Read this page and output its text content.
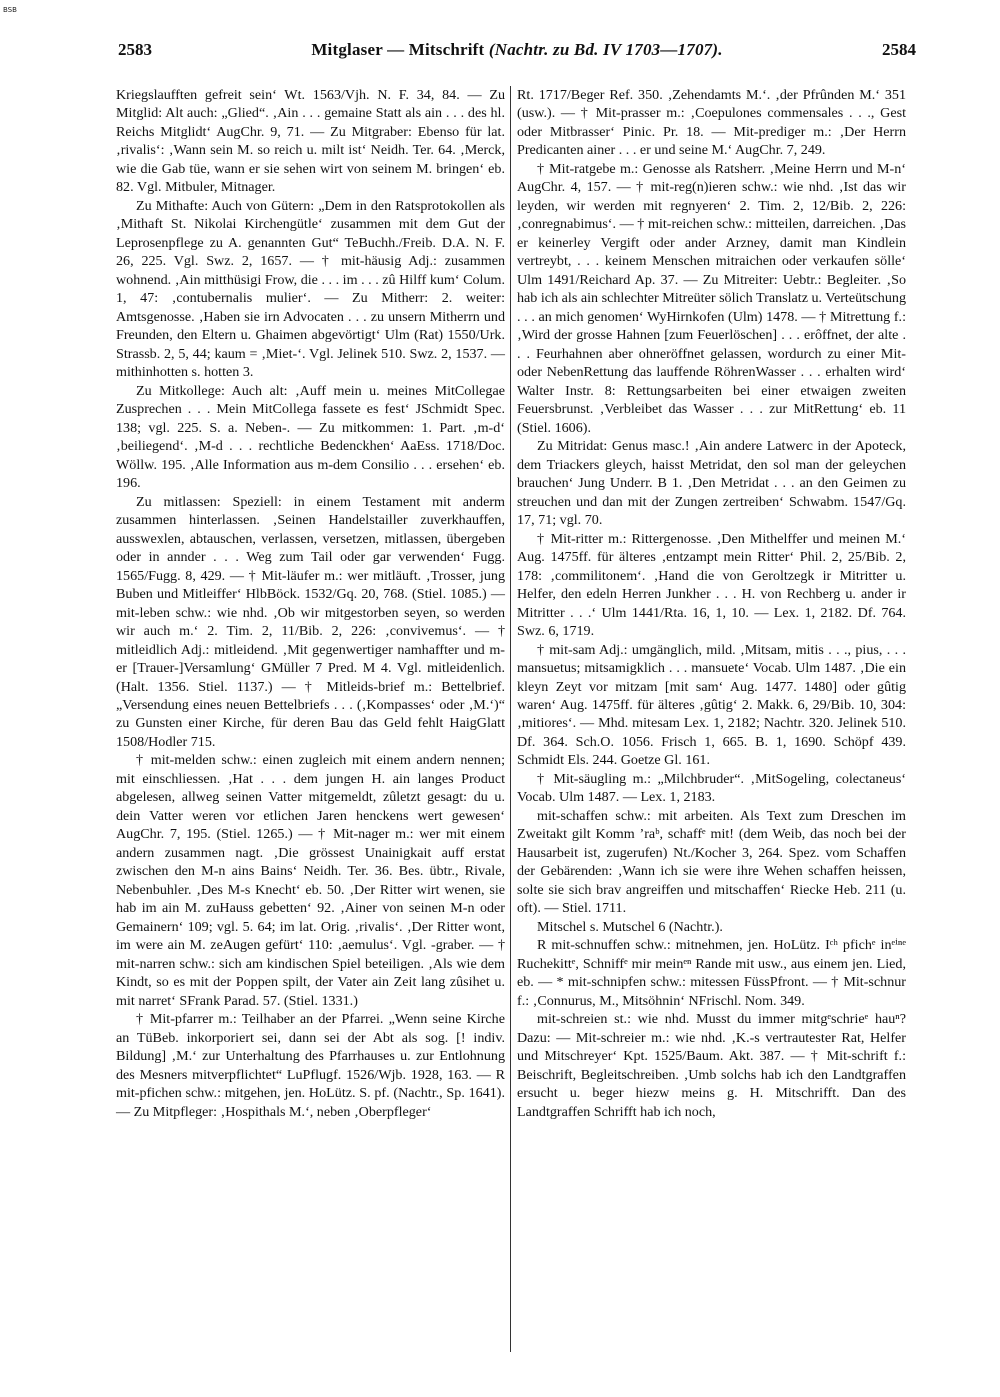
BSB
2583	Mitglaser — Mitschrift (Nachtr. zu Bd. IV 1703—1707).	2584

Kriegslaufften gefreit sein‘ Wt. 1563/Vjh. N. F. 34, 84. — Zu Mitglid: Alt auch: „Glied“. ‚Ain . . . gemaine Statt als ain . . . des hl. Reichs Mitglidt‘ AugChr. 9, 71. — Zu Mitgraber: Ebenso für lat. ‚rivalis‘: ‚Wann sein M. so reich u. milt ist‘ Neidh. Ter. 64. ‚Merck, wie die Gab tüe, wann er sie sehen wirt von seinem M. bringen‘ eb. 82. Vgl. Mitbuler, Mitnager.

Zu Mithafte: Auch von Gütern: „Dem in den Ratsprotokollen als ‚Mithaft St. Nikolai Kirchengütle‘ zusammen mit dem Gut der Leprosenpflege zu A. genannten Gut“ TeBuchh./Freib. D.A. N. F. 26, 225. Vgl. Swz. 2, 1657. — † mit-häusig Adj.: zusammen wohnend. ‚Ain mitthüsigi Frow, die . . . im . . . zû Hilff kum‘ Colum. 1, 47: ‚contubernalis mulier‘. — Zu Mitherr: 2. weiter: Amtsgenosse. ‚Haben sie irn Advocaten . . . zu unsern Mitherrn und Freunden, den Eltern u. Ghaimen abgevörtigt‘ Ulm (Rat) 1550/Urk. Strassb. 2, 5, 44; kaum = ‚Miet-‘. Vgl. Jelinek 510. Swz. 2, 1537. — mithinhotten s. hotten 3.

Zu Mitkollege: Auch alt: ‚Auff mein u. meines MitCollegae Zusprechen . . . Mein MitCollega fassete es fest‘ JSchmidt Spec. 138; vgl. 225. S. a. Neben-. — Zu mitkommen: 1. Part. ‚m-d‘ ‚beiliegend‘. ‚M-d . . . rechtliche Bedenckhen‘ AaEss. 1718/Doc. Wöllw. 195. ‚Alle Information aus m-dem Consilio . . . ersehen‘ eb. 196.

Zu mitlassen: Speziell: in einem Testament mit anderm zusammen hinterlassen. ‚Seinen Handelstailler zuverkhauffen, ausswexlen, abtauschen, verlassen, versetzen, mitlassen, übergeben oder in annder . . . Weg zum Tail oder gar verwenden‘ Fugg. 1565/Fugg. 8, 429. — † Mit-läufer m.: wer mitläuft. ‚Trosser, jung Buben und Mitleiffer‘ HlbBöck. 1532/Gq. 20, 768. (Stiel. 1085.) — mit-leben schw.: wie nhd. ‚Ob wir mitgestorben seyen, so werden wir auch m.‘ 2. Tim. 2, 11/Bib. 2, 226: ‚convivemus‘. — † mitleidlich Adj.: mitleidend. ‚Mit gegenwertiger namhaffter und m-er [Trauer-]Versamlung‘ GMüller 7 Pred. M 4. Vgl. mitleidenlich. (Halt. 1356. Stiel. 1137.) — † Mitleids-brief m.: Bettelbrief. „Versendung eines neuen Bettelbriefs . . . (‚Kompasses‘ oder ‚M.‘)“ zu Gunsten einer Kirche, für deren Bau das Geld fehlt HaigGlatt 1508/Hodler 715.

† mit-melden schw.: einen zugleich mit einem andern nennen; mit einschliessen. ‚Hat . . . dem jungen H. ain langes Product abgelesen, allweg seinen Vatter mitgemeldt, zûletzt gesagt: du u. dein Vatter weren vor etlichen Jaren henckens wert gewesen‘ AugChr. 7, 195. (Stiel. 1265.) — † Mit-nager m.: wer mit einem andern zusammen nagt. ‚Die grössest Unainigkait auff erstat zwischen den M-n ains Bains‘ Neidh. Ter. 36. Bes. übtr., Rivale, Nebenbuhler. ‚Des M-s Knecht‘ eb. 50. ‚Der Ritter wirt wenen, sie hab im ain M. zuHauss gebetten‘ 92. ‚Ainer von seinen M-n oder Gemainern‘ 109; vgl. 5. 64; im lat. Orig. ‚rivalis‘. ‚Der Ritter wont, im were ain M. zeAugen gefürt‘ 110: ‚aemulus‘. Vgl. -graber. — † mit-narren schw.: sich am kindischen Spiel beteiligen. ‚Als wie dem Kindt, so es mit der Poppen spilt, der Vater ain Zeit lang zûsihet u. mit narret‘ SFrank Parad. 57. (Stiel. 1331.)

† Mit-pfarrer m.: Teilhaber an der Pfarrei. „Wenn seine Kirche an TüBeb. inkorporiert sei, dann sei der Abt als sog. [! indiv. Bildung] ‚M.‘ zur Unterhaltung des Pfarrhauses u. zur Entlohnung des Mesners mitverpflichtet“ LuPflugf. 1526/Wjb. 1928, 163. — R mit-pfichen schw.: mitgehen, jen. HoLütz. S. pf. (Nachtr., Sp. 1641). — Zu Mitpfleger: ‚Hospithals M.‘, neben ‚Oberpfleger‘

Rt. 1717/Beger Ref. 350. ‚Zehendamts M.‘. ‚der Pfrûnden M.‘ 351 (usw.). — † Mit-prasser m.: ‚Coepulones commensales . . ., Gest oder Mitbrasser‘ Pinic. Pr. 18. — Mit-prediger m.: ‚Der Herrn Predicanten ainer . . . er und seine M.‘ AugChr. 7, 249.

† Mit-ratgebe m.: Genosse als Ratsherr. ‚Meine Herrn und M-n‘ AugChr. 4, 157. — † mit-reg(n)ieren schw.: wie nhd. ‚Ist das wir leyden, wir werden mit regnyeren‘ 2. Tim. 2, 12/Bib. 2, 226: ‚conregnabimus‘. — † mit-reichen schw.: mitteilen, darreichen. ‚Das er keinerley Vergift oder ander Arzney, damit man Kindlein vertreybt, . . . keinem Menschen mitraichen oder verkaufen sölle‘ Ulm 1491/Reichard Ap. 37. — Zu Mitreiter: Uebtr.: Begleiter. ‚So hab ich als ain schlechter Mitreüter sölich Translatz u. Verteütschung . . . an mich genomen‘ WyHirnkofen (Ulm) 1478. — † Mitrettung f.: ‚Wird der grosse Hahnen [zum Feuerlöschen] . . . erôffnet, der alte . . . Feurhahnen aber ohneröffnet gelassen, wordurch zu einer Mit- oder NebenRettung das lauffende RöhrenWasser . . . erhalten wird‘ Walter Instr. 8: Rettungsarbeiten bei einer etwaigen zweiten Feuersbrunst. ‚Verbleibet das Wasser . . . zur MitRettung‘ eb. 11 (Stiel. 1606).

Zu Mitridat: Genus masc.! ‚Ain andere Latwerc in der Apoteck, dem Triackers gleych, haisst Metridat, den sol man der geleychen brauchen‘ Jung Underr. B 1. ‚Den Metridat . . . an den Geimen zu streuchen und dan mit der Zungen zertreiben‘ Schwabm. 1547/Gq. 17, 71; vgl. 70.

† Mit-ritter m.: Rittergenosse. ‚Den Mithelffer und meinen M.‘ Aug. 1475ff. für älteres ‚entzampt mein Ritter‘ Phil. 2, 25/Bib. 2, 178: ‚commilitonem‘. ‚Hand die von Geroltzegk ir Mitritter u. Helfer, den edeln Herren Junkher . . . H. von Rechberg u. ander ir Mitritter . . .‘ Ulm 1441/Rta. 16, 1, 10. — Lex. 1, 2182. Df. 764. Swz. 6, 1719.

† mit-sam Adj.: umgänglich, mild. ‚Mitsam, mitis . . ., pius, . . . mansuetus; mitsamigklich . . . mansuete‘ Vocab. Ulm 1487. ‚Die ein kleyn Zeyt vor mitzam [mit sam‘ Aug. 1477. 1480] oder gûtig waren‘ Aug. 1475ff. für älteres ‚gûtig‘ 2. Makk. 6, 29/Bib. 10, 304: ‚mitiores‘. — Mhd. mitesam Lex. 1, 2182; Nachtr. 320. Jelinek 510. Df. 364. Sch.O. 1056. Frisch 1, 665. B. 1, 1690. Schöpf 439. Schmidt Els. 244. Goetze Gl. 161.

† Mit-säugling m.: „Milchbruder“. ‚MitSogeling, colectaneus‘ Vocab. Ulm 1487. — Lex. 1, 2183.

mit-schaffen schw.: mit arbeiten. Als Text zum Dreschen im Zweitakt gilt Komm ’raᵇ, schaffᵉ mit! (dem Weib, das noch bei der Hausarbeit ist, zugerufen) Nt./Kocher 3, 264. Spez. vom Schaffen der Gebärenden: ‚Wann ich sie were ihre Wehen schaffen heissen, solte sie sich brav angreiffen und mitschaffen‘ Riecke Heb. 211 (u. oft). — Stiel. 1711.

Mitschel s. Mutschel 6 (Nachtr.).

R mit-schnuffen schw.: mitnehmen, jen. HoLütz. Iᶜʰ pfichᵉ inᵉⁱⁿᵉ Ruchekittᵉ, Schniffᵉ mir meinᵉⁿ Rande mit usw., aus einem jen. Lied, eb. — * mit-schnipfen schw.: mitessen FüssPfront. — † Mit-schnur f.: ‚Connurus, M., Mitsöhnin‘ NFrischl. Nom. 349.

mit-schreien st.: wie nhd. Musst du immer mitgᵉschrieᵉ hauⁿ? Dazu: — Mit-schreier m.: wie nhd. ‚K.-s vertrautester Rat, Helfer und Mitschreyer‘ Kpt. 1525/Baum. Akt. 387. — † Mit-schrift f.: Beischrift, Begleitschreiben. ‚Umb solchs hab ich den Landtgraffen ersucht u. beger hiezw meins g. H. Mitschrifft. Dan des Landtgraffen Schrifft hab ich noch,
